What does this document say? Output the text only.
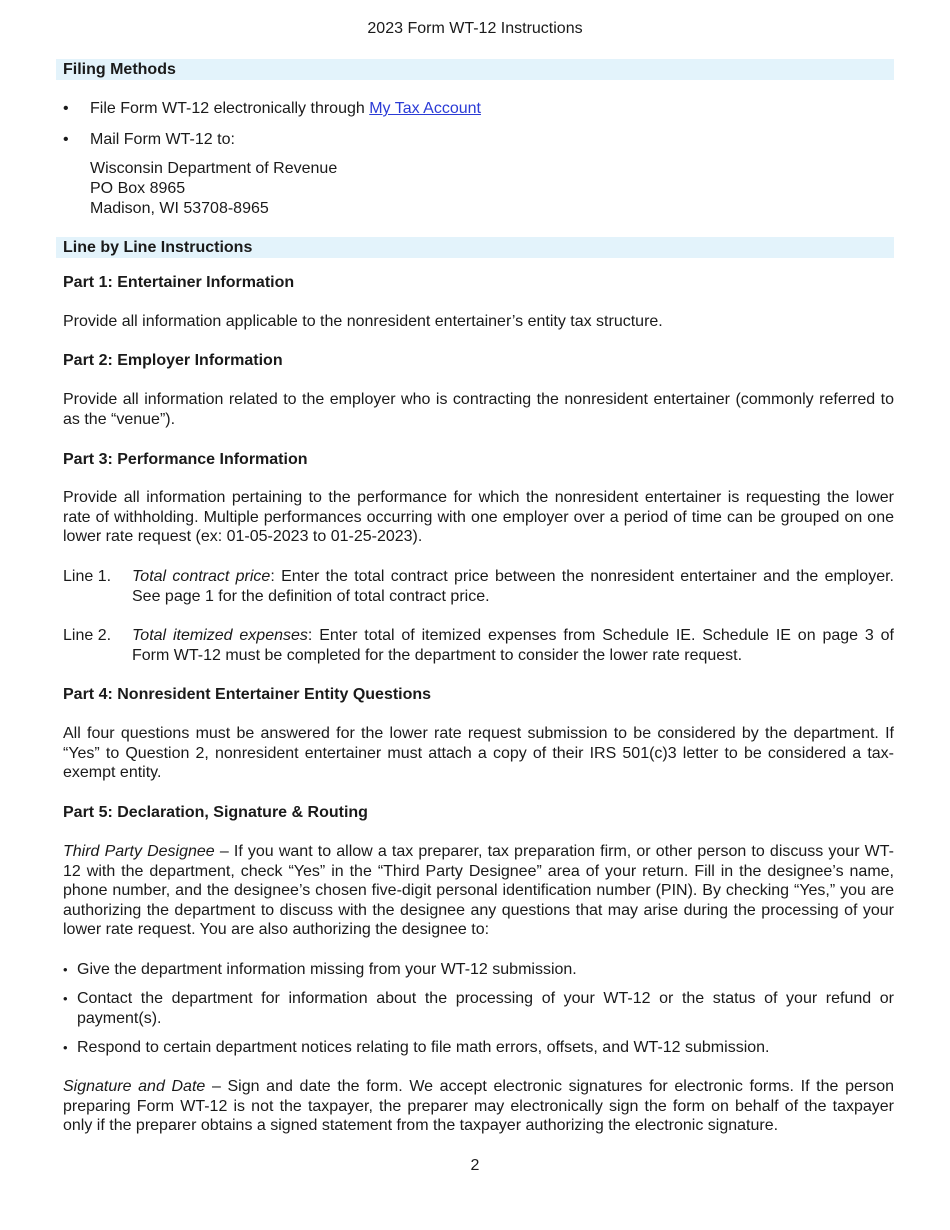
2023 Form WT-12 Instructions
Filing Methods
• File Form WT-12 electronically through My Tax Account
• Mail Form WT-12 to:
Wisconsin Department of Revenue
PO Box 8965
Madison, WI 53708-8965
Line by Line Instructions
Part 1: Entertainer Information
Provide all information applicable to the nonresident entertainer’s entity tax structure.
Part 2: Employer Information
Provide all information related to the employer who is contracting the nonresident entertainer (commonly referred to as the “venue”).
Part 3: Performance Information
Provide all information pertaining to the performance for which the nonresident entertainer is requesting the lower rate of withholding. Multiple performances occurring with one employer over a period of time can be grouped on one lower rate request (ex: 01-05-2023 to 01-25-2023).
Line 1. Total contract price: Enter the total contract price between the nonresident entertainer and the employer. See page 1 for the definition of total contract price.
Line 2. Total itemized expenses: Enter total of itemized expenses from Schedule IE. Schedule IE on page 3 of Form WT-12 must be completed for the department to consider the lower rate request.
Part 4: Nonresident Entertainer Entity Questions
All four questions must be answered for the lower rate request submission to be considered by the department. If “Yes” to Question 2, nonresident entertainer must attach a copy of their IRS 501(c)3 letter to be considered a tax-exempt entity.
Part 5: Declaration, Signature & Routing
Third Party Designee – If you want to allow a tax preparer, tax preparation firm, or other person to discuss your WT-12 with the department, check “Yes” in the “Third Party Designee” area of your return. Fill in the designee’s name, phone number, and the designee’s chosen five-digit personal identification number (PIN). By checking “Yes,” you are authorizing the department to discuss with the designee any questions that may arise during the processing of your lower rate request. You are also authorizing the designee to:

• Give the department information missing from your WT-12 submission.

• Contact the department for information about the processing of your WT-12 or the status of your refund or payment(s).

• Respond to certain department notices relating to file math errors, offsets, and WT-12 submission.

Signature and Date – Sign and date the form. We accept electronic signatures for electronic forms. If the person preparing Form WT-12 is not the taxpayer, the preparer may electronically sign the form on behalf of the taxpayer only if the preparer obtains a signed statement from the taxpayer authorizing the electronic signature.
2
